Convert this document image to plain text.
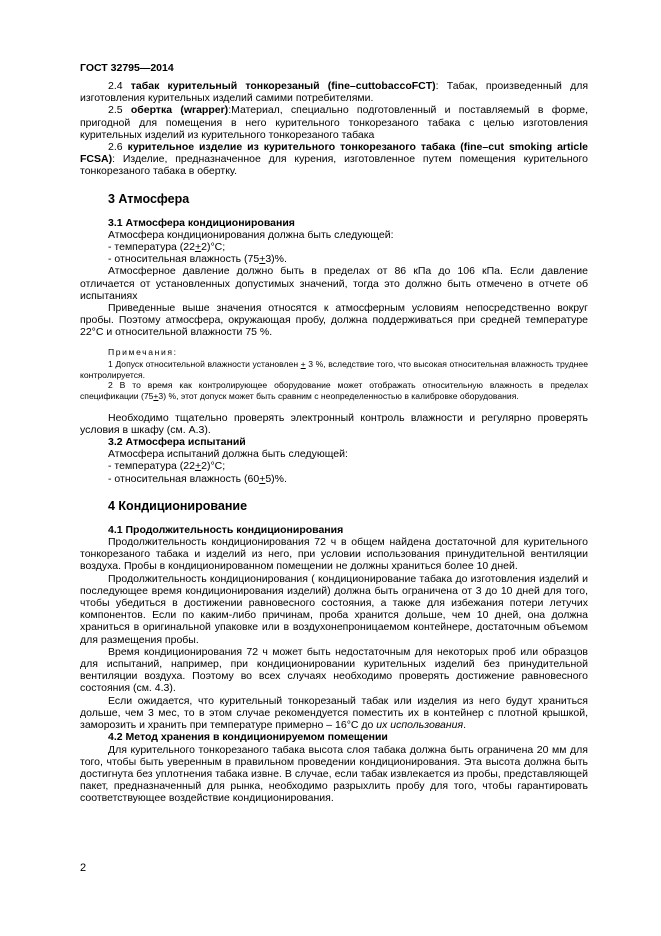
ГОСТ 32795—2014

2.4 табак курительный тонкорезаный (fine–cuttobaccoFCT): Табак, произведенный для изготовления курительных изделий самими потребителями.

2.5 обертка (wrapper):Материал, специально подготовленный и поставляемый в форме, пригодной для помещения в него курительного тонкорезаного табака с целью изготовления курительных изделий из курительного тонкорезаного табака

2.6 курительное изделие из курительного тонкорезаного табака (fine–cut smoking article FCSA): Изделие, предназначенное для курения, изготовленное путем помещения курительного тонкорезаного табака в обертку.

3 Атмосфера
3.1 Атмосфера кондиционирования

Атмосфера кондиционирования должна быть следующей:

- температура (22+2)°С;

- относительная влажность (75+3)%.

Атмосферное давление должно быть в пределах от 86 кПа до 106 кПа. Если давление отличается от установленных допустимых значений, тогда это должно быть отмечено в отчете об испытаниях

Приведенные выше значения относятся к атмосферным условиям непосредственно вокруг пробы. Поэтому атмосфера, окружающая пробу, должна поддерживаться при средней температуре 22°С и относительной влажности 75 %.

Примечания:

1 Допуск относительной влажности установлен + 3 %, вследствие того, что высокая относительная влажность труднее контролируется.

2 В то время как контролирующее оборудование может отображать относительную влажность в пределах спецификации (75+3) %, этот допуск может быть сравним с неопределенностью в калибровке оборудования.

Необходимо тщательно проверять электронный контроль влажности и регулярно проверять условия в шкафу (см. А.3).

3.2 Атмосфера испытаний

Атмосфера испытаний должна быть следующей:

- температура (22+2)°С;

- относительная влажность (60+5)%.

4 Кондиционирование
4.1 Продолжительность кондиционирования

Продолжительность кондиционирования 72 ч в общем найдена достаточной для курительного тонкорезаного табака и изделий из него, при условии использования принудительной вентиляции воздуха. Пробы в кондиционированном помещении не должны храниться более 10 дней.

Продолжительность кондиционирования ( кондиционирование табака до изготовления изделий и последующее время кондиционирования изделий) должна быть ограничена от 3 до 10 дней для того, чтобы убедиться в достижении равновесного состояния, а также для избежания потери летучих компонентов. Если по каким-либо причинам, проба хранится дольше, чем 10 дней, она должна храниться в оригинальной упаковке или в воздухонепроницаемом контейнере, достаточным объемом для размещения пробы.

Время кондиционирования 72 ч может быть недостаточным для некоторых проб или образцов для испытаний, например, при кондиционировании курительных изделий без принудительной вентиляции воздуха. Поэтому во всех случаях необходимо проверять достижение равновесного состояния (см. 4.3).

Если ожидается, что курительный тонкорезаный табак или изделия из него будут храниться дольше, чем 3 мес, то в этом случае рекомендуется поместить их в контейнер с плотной крышкой, заморозить и хранить при температуре примерно – 16°С до их использования.

4.2 Метод хранения в кондиционируемом помещении

Для курительного тонкорезаного табака высота слоя табака должна быть ограничена 20 мм для того, чтобы быть уверенным в правильном проведении кондиционирования. Эта высота должна быть достигнута без уплотнения табака извне. В случае, если табак извлекается из пробы, представляющей пакет, предназначенный для рынка, необходимо разрыхлить пробу для того, чтобы гарантировать соответствующее воздействие кондиционирования.

2
